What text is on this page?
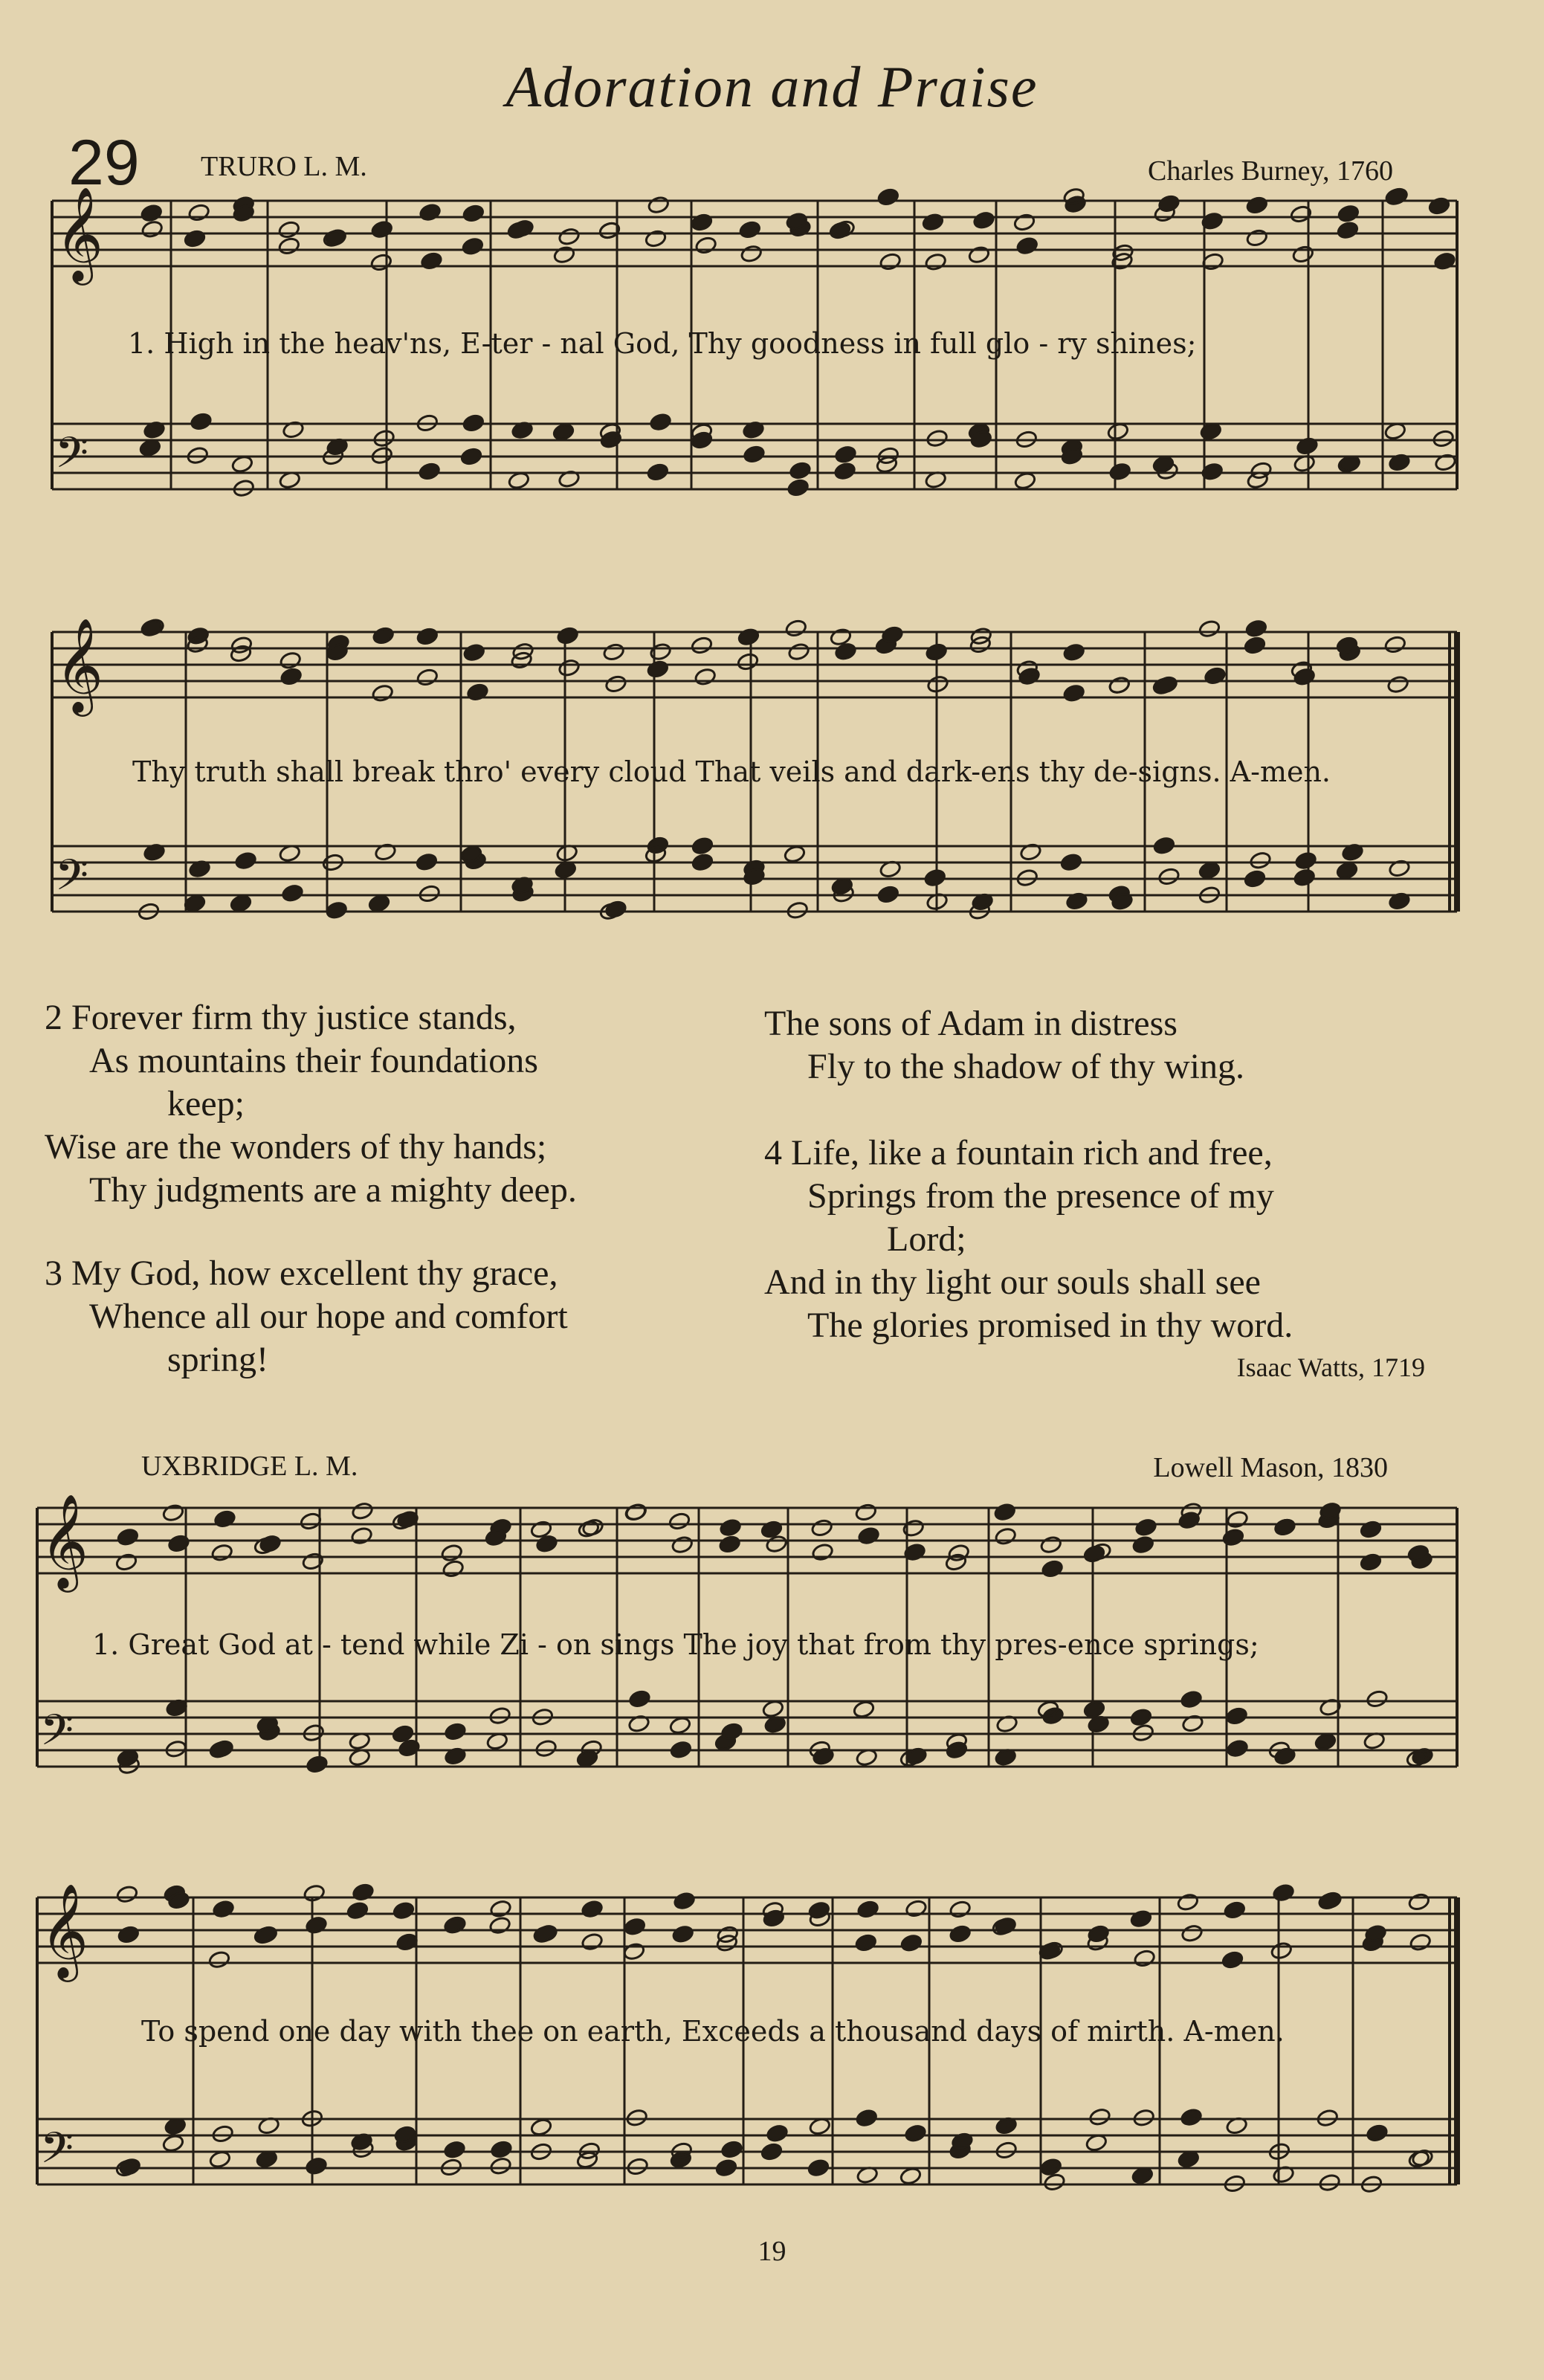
Adoration and Praise
29 TRURO L. M.	Charles Burney, 1760
𝄞
𝄢
𝄞
𝄢
𝄞
𝄢
𝄞
𝄢
1. High in the heav'ns, E-ter - nal God, Thy goodness in full glo - ry shines;
Thy truth shall break thro' every cloud That veils and dark-ens thy de-signs. A-men.
2 Forever firm thy justice stands,
As mountains their foundations
keep;
Wise are the wonders of thy hands;
Thy judgments are a mighty deep.
3 My God, how excellent thy grace,
Whence all our hope and comfort
spring!
The sons of Adam in distress
Fly to the shadow of thy wing.
4 Life, like a fountain rich and free,
Springs from the presence of my
Lord;
And in thy light our souls shall see
The glories promised in thy word.
Isaac Watts, 1719
UXBRIDGE L. M.	Lowell Mason, 1830
1. Great God at - tend while Zi - on sings The joy that from thy pres-ence springs;
To spend one day with thee on earth, Exceeds a thousand days of mirth. A-men.
19
